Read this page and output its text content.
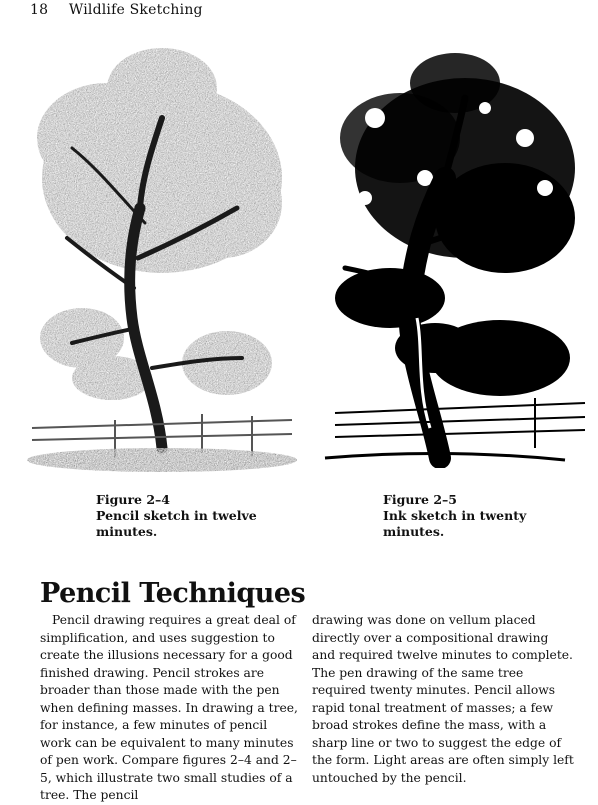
18 Wildlife Sketching
Figure 2–4
Pencil sketch in twelve minutes.
Figure 2–5
Ink sketch in twenty minutes.
Pencil Techniques

Pencil drawing requires a great deal of simplification, and uses suggestion to create the illusions necessary for a good finished drawing. Pencil strokes are broader than those made with the pen when defining masses. In drawing a tree, for instance, a few minutes of pencil work can be equivalent to many minutes of pen work. Compare figures 2–4 and 2–5, which illustrate two small studies of a tree. The pencil

drawing was done on vellum placed directly over a compositional drawing and required twelve minutes to complete. The pen drawing of the same tree required twenty minutes. Pencil allows rapid tonal treatment of masses; a few broad strokes define the mass, with a sharp line or two to suggest the edge of the form. Light areas are often simply left untouched by the pencil.
